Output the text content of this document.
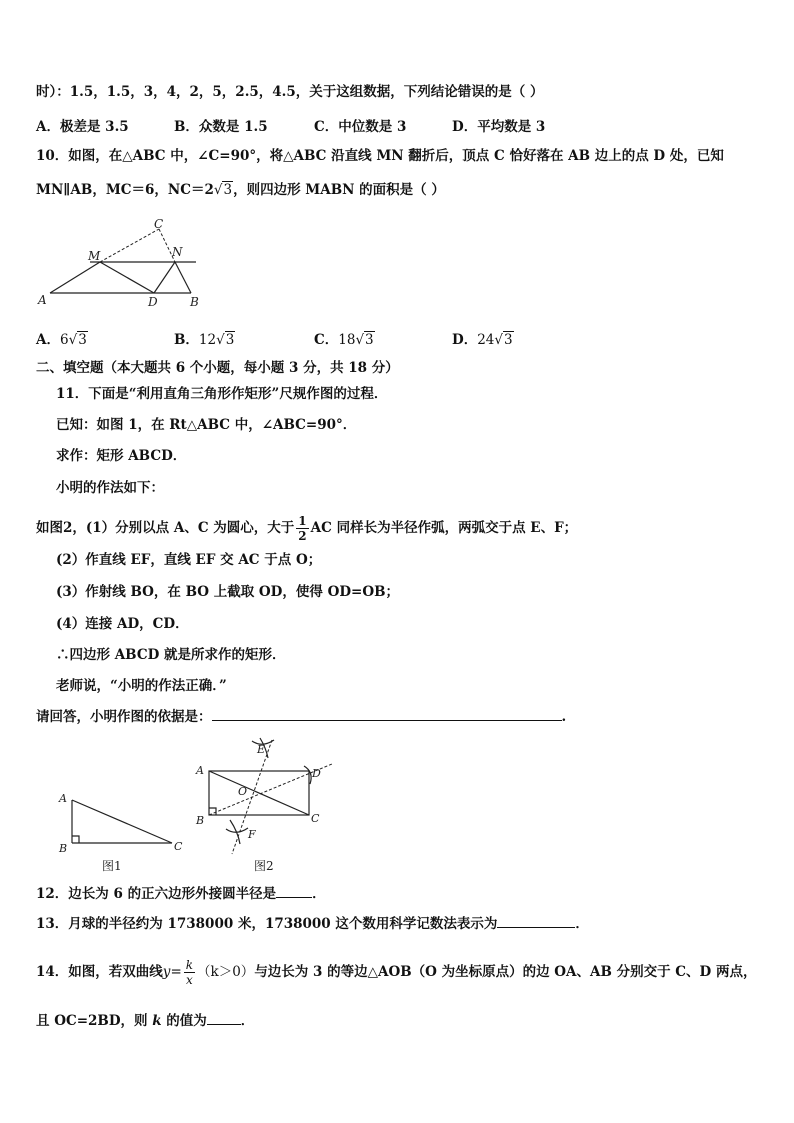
时）：1.5，1.5，3，4，2，5，2.5，4.5，关于这组数据，下列结论错误的是（ ）
A．极差是 3.5	B．众数是 1.5	C．中位数是 3	D．平均数是 3
10．如图，在△ABC 中，∠C=90°，将△ABC 沿直线 MN 翻折后，顶点 C 恰好落在 AB 边上的点 D 处，已知
MN∥AB，MC＝6，NC＝2√3，则四边形 MABN 的面积是（ ）
C
M	N
A	D	B
A．6√3	B．12√3	C．18√3	D．24√3
二、填空题（本大题共 6 个小题，每小题 3 分，共 18 分）
11．下面是“利用直角三角形作矩形”尺规作图的过程．
已知：如图 1，在 Rt△ABC 中，∠ABC=90°．
求作：矩形 ABCD．
小明的作法如下：
如图2，(1）分别以点 A、C 为圆心，大于 $\frac{1}{2}$ AC 同样长为半径作弧，两弧交于点 E、F；
(2）作直线 EF，直线 EF 交 AC 于点 O；
(3）作射线 BO，在 BO 上截取 OD，使得 OD=OB；
(4）连接 AD，CD．
∴四边形 ABCD 就是所求作的矩形．
老师说，“小明的作法正确．”
请回答，小明作图的依据是：	.
A
B	C
图1
A
B	C
D
E
F
O
图2
12．边长为 6 的正六边形外接圆半径是	．
13．月球的半径约为 1738000 米，1738000 这个数用科学记数法表示为	．
14．如图，若双曲线$y= \frac{k}{x} (k>0)$与边长为 3 的等边△AOB（O 为坐标原点）的边 OA、AB 分别交于 C、D 两点，
且 OC=2BD，则 k 的值为	．
